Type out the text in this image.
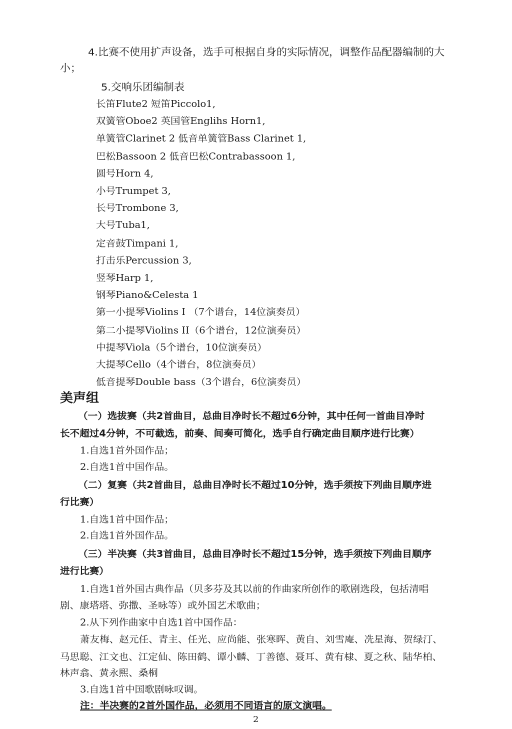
4.比赛不使用扩声设备，选手可根据自身的实际情况，调整作品配器编制的大
小；
5.交响乐团编制表
长笛Flute2 短笛Piccolo1,
双簧管Oboe2 英国管Englihs Horn1,
单簧管Clarinet 2 低音单簧管Bass Clarinet 1,
巴松Bassoon 2 低音巴松Contrabassoon 1,
圆号Horn 4,
小号Trumpet 3,
长号Trombone 3,
大号Tuba1,
定音鼓Timpani 1,
打击乐Percussion 3,
竖琴Harp 1,
钢琴Piano&Celesta 1
第一小提琴Violins I （7个谱台，14位演奏员）
第二小提琴Violins II（6个谱台，12位演奏员）
中提琴Viola（5个谱台，10位演奏员）
大提琴Cello（4个谱台，8位演奏员）
低音提琴Double bass（3个谱台，6位演奏员）
美声组
（一）选拔赛（共2首曲目，总曲目净时长不超过6分钟，其中任何一首曲目净时
长不超过4分钟，不可截选，前奏、间奏可简化，选手自行确定曲目顺序进行比赛）
1.自选1首外国作品；
2.自选1首中国作品。
（二）复赛（共2首曲目，总曲目净时长不超过10分钟，选手须按下列曲目顺序进
行比赛）
1.自选1首中国作品；
2.自选1首外国作品。
（三）半决赛（共3首曲目，总曲目净时长不超过15分钟，选手须按下列曲目顺序
进行比赛）
1.自选1首外国古典作品（贝多芬及其以前的作曲家所创作的歌剧选段，包括清唱
剧、康塔塔、弥撒、圣咏等）或外国艺术歌曲；
2.从下列作曲家中自选1首中国作品：
萧友梅、赵元任、青主、任光、应尚能、张寒晖、黄自、刘雪庵、冼星海、贺绿汀、
马思聪、江文也、江定仙、陈田鹤、谭小麟、丁善德、聂耳、黄有棣、夏之秋、陆华柏、
林声翕、黄永熙、桑桐
3.自选1首中国歌剧咏叹调。
注：半决赛的2首外国作品，必须用不同语言的原文演唱。
2
